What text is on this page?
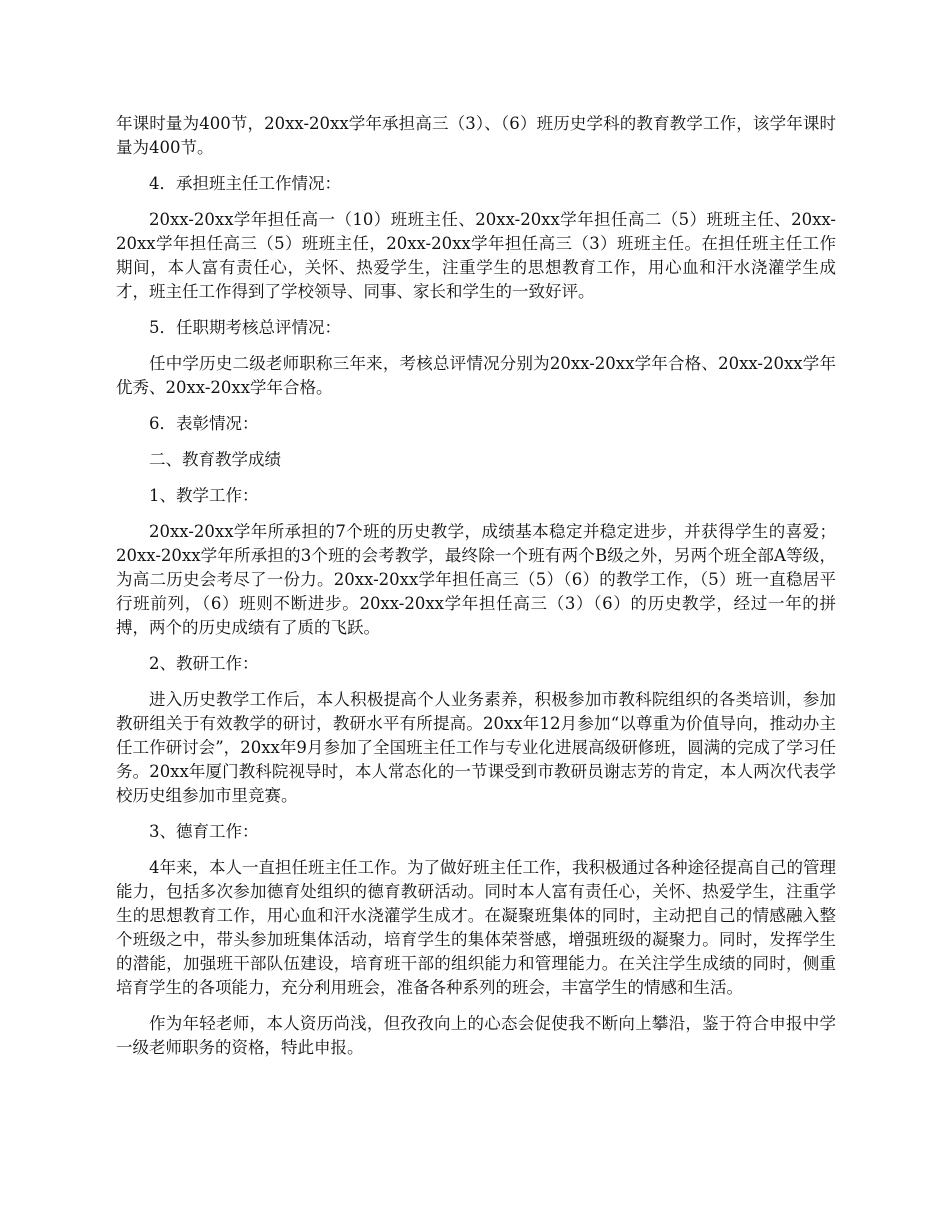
年课时量为400节，20xx-20xx学年承担高三（3）、（6）班历史学科的教育教学工作，该学年课时量为400节。

4．承担班主任工作情况：

20xx-20xx学年担任高一（10）班班主任、20xx-20xx学年担任高二（5）班班主任、20xx-20xx学年担任高三（5）班班主任，20xx-20xx学年担任高三（3）班班主任。在担任班主任工作期间，本人富有责任心，关怀、热爱学生，注重学生的思想教育工作，用心血和汗水浇灌学生成才，班主任工作得到了学校领导、同事、家长和学生的一致好评。

5．任职期考核总评情况：

任中学历史二级老师职称三年来，考核总评情况分别为20xx-20xx学年合格、20xx-20xx学年优秀、20xx-20xx学年合格。

6．表彰情况：

二、教育教学成绩

1、教学工作：

20xx-20xx学年所承担的7个班的历史教学，成绩基本稳定并稳定进步，并获得学生的喜爱；20xx-20xx学年所承担的3个班的会考教学，最终除一个班有两个B级之外，另两个班全部A等级，为高二历史会考尽了一份力。20xx-20xx学年担任高三（5）（6）的教学工作，（5）班一直稳居平行班前列，（6）班则不断进步。20xx-20xx学年担任高三（3）（6）的历史教学，经过一年的拼搏，两个的历史成绩有了质的飞跃。

2、教研工作：

进入历史教学工作后，本人积极提高个人业务素养，积极参加市教科院组织的各类培训，参加教研组关于有效教学的研讨，教研水平有所提高。20xx年12月参加“以尊重为价值导向，推动办主任工作研讨会”，20xx年9月参加了全国班主任工作与专业化进展高级研修班，圆满的完成了学习任务。20xx年厦门教科院视导时，本人常态化的一节课受到市教研员谢志芳的肯定，本人两次代表学校历史组参加市里竞赛。

3、德育工作：

4年来，本人一直担任班主任工作。为了做好班主任工作，我积极通过各种途径提高自己的管理能力，包括多次参加德育处组织的德育教研活动。同时本人富有责任心，关怀、热爱学生，注重学生的思想教育工作，用心血和汗水浇灌学生成才。在凝聚班集体的同时，主动把自己的情感融入整个班级之中，带头参加班集体活动，培育学生的集体荣誉感，增强班级的凝聚力。同时，发挥学生的潜能，加强班干部队伍建设，培育班干部的组织能力和管理能力。在关注学生成绩的同时，侧重培育学生的各项能力，充分利用班会，准备各种系列的班会，丰富学生的情感和生活。

作为年轻老师，本人资历尚浅，但孜孜向上的心态会促使我不断向上攀沿，鉴于符合申报中学一级老师职务的资格，特此申报。
